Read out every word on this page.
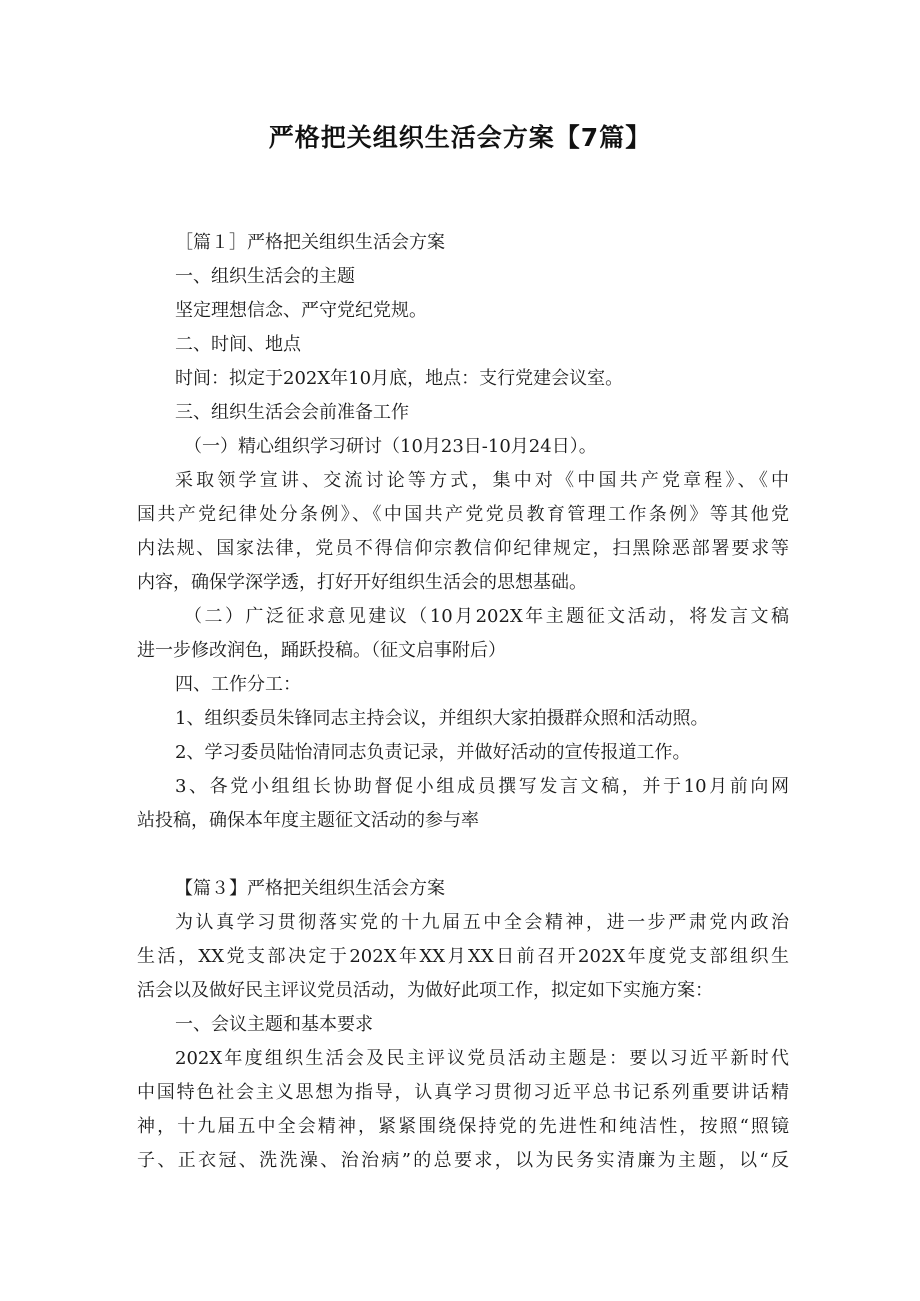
严格把关组织生活会方案【7篇】
［篇１］严格把关组织生活会方案
一、组织生活会的主题
坚定理想信念、严守党纪党规。
二、时间、地点
时间：拟定于202X年10月底，地点：支行党建会议室。
三、组织生活会会前准备工作
（一）精心组织学习研讨（10月23日-10月24日）。
采取领学宣讲、交流讨论等方式，集中对《中国共产党章程》、《中
国共产党纪律处分条例》、《中国共产党党员教育管理工作条例》等其他党
内法规、国家法律，党员不得信仰宗教信仰纪律规定，扫黑除恶部署要求等
内容，确保学深学透，打好开好组织生活会的思想基础。
（二）广泛征求意见建议（10月202X年主题征文活动，将发言文稿
进一步修改润色，踊跃投稿。（征文启事附后）
四、工作分工：
1、组织委员朱锋同志主持会议，并组织大家拍摄群众照和活动照。
2、学习委员陆怡清同志负责记录，并做好活动的宣传报道工作。
3、各党小组组长协助督促小组成员撰写发言文稿，并于10月前向网
站投稿，确保本年度主题征文活动的参与率
【篇３】严格把关组织生活会方案
为认真学习贯彻落实党的十九届五中全会精神，进一步严肃党内政治
生活，XX党支部决定于202X年XX月XX日前召开202X年度党支部组织生
活会以及做好民主评议党员活动，为做好此项工作，拟定如下实施方案：
一、会议主题和基本要求
202X年度组织生活会及民主评议党员活动主题是：要以习近平新时代
中国特色社会主义思想为指导，认真学习贯彻习近平总书记系列重要讲话精
神，十九届五中全会精神，紧紧围绕保持党的先进性和纯洁性，按照“照镜
子、正衣冠、洗洗澡、治治病”的总要求，以为民务实清廉为主题，以“反
